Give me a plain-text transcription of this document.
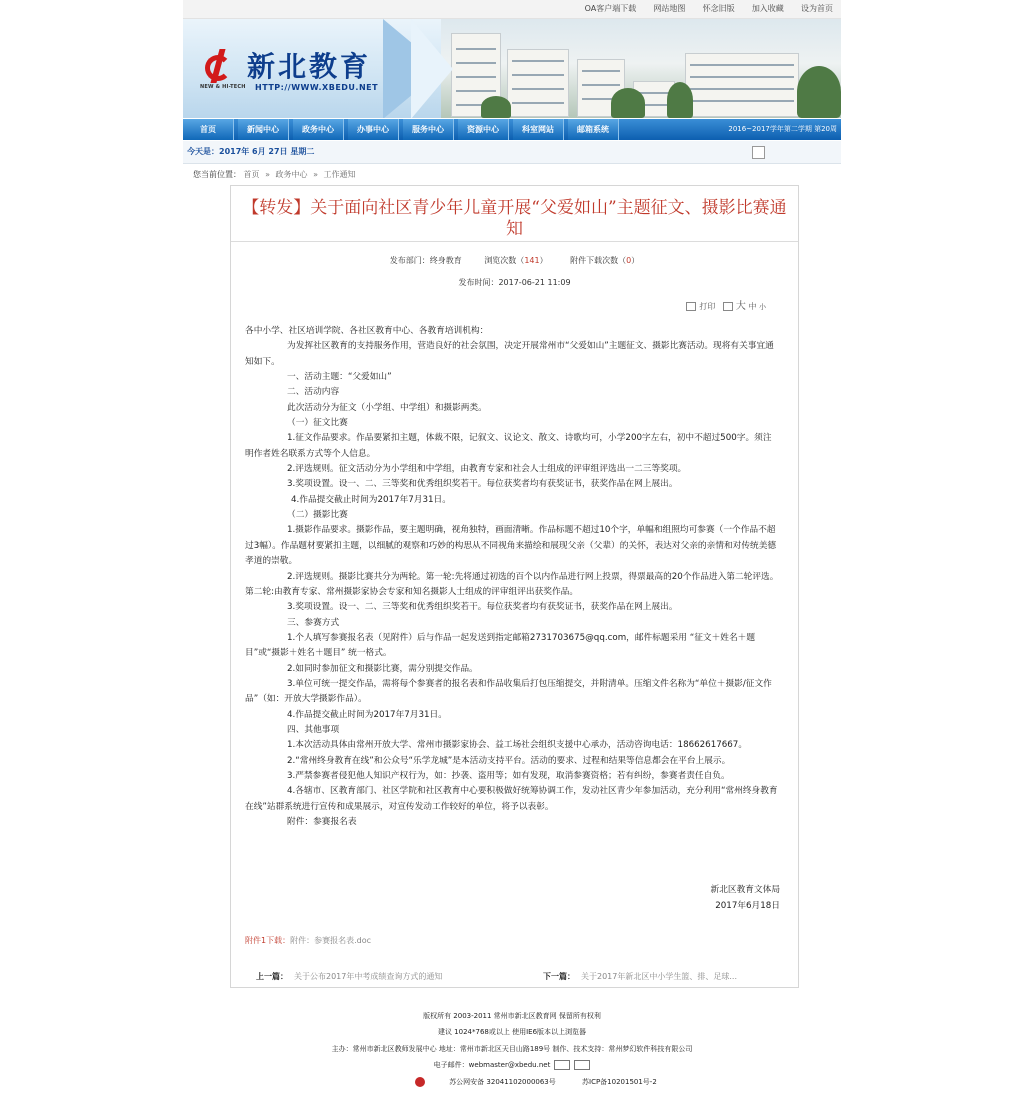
OA客户端下载 网站地图 怀念旧版 加入收藏 设为首页
NEW & HI-TECH
新北教育
HTTP://WWW.XBEDU.NET
首页	新闻中心	政务中心	办事中心	服务中心	资源中心	科室网站	邮箱系统	2016~2017学年第二学期 第20周
今天是：2017年 6月 27日 星期二
您当前位置： 首页 » 政务中心 » 工作通知
【转发】关于面向社区青少年儿童开展“父爱如山”主题征文、摄影比赛通知
发布部门：终身教育	浏览次数（141）	附件下载次数（0）
发布时间：2017-06-21 11:09
打印 大 中 小

各中小学、社区培训学院、各社区教育中心、各教育培训机构：

为发挥社区教育的支持服务作用，营造良好的社会氛围，决定开展常州市“父爱如山”主题征文、摄影比赛活动。现将有关事宜通知如下。

一、活动主题：“父爱如山”

二、活动内容

此次活动分为征文（小学组、中学组）和摄影两类。

（一）征文比赛

1.征文作品要求。作品要紧扣主题，体裁不限，记叙文、议论文、散文、诗歌均可，小学200字左右，初中不超过500字。须注明作者姓名联系方式等个人信息。

2.评选规则。征文活动分为小学组和中学组，由教育专家和社会人士组成的评审组评选出一二三等奖项。

3.奖项设置。设一、二、三等奖和优秀组织奖若干。每位获奖者均有获奖证书，获奖作品在网上展出。

4.作品提交截止时间为2017年7月31日。

（二）摄影比赛

1.摄影作品要求。摄影作品，要主题明确，视角独特，画面清晰。作品标题不超过10个字，单幅和组照均可参赛（一个作品不超过3幅）。作品题材要紧扣主题，以细腻的观察和巧妙的构思从不同视角来描绘和展现父亲（父辈）的关怀，表达对父亲的亲情和对传统美德孝道的崇敬。

2.评选规则。摄影比赛共分为两轮。第一轮:先将通过初选的百个以内作品进行网上投票，得票最高的20个作品进入第二轮评选。第二轮:由教育专家、常州摄影家协会专家和知名摄影人士组成的评审组评出获奖作品。

3.奖项设置。设一、二、三等奖和优秀组织奖若干。每位获奖者均有获奖证书，获奖作品在网上展出。

三、参赛方式

1.个人填写参赛报名表（见附件）后与作品一起发送到指定邮箱2731703675@qq.com，邮件标题采用 “征文＋姓名＋题目”或“摄影＋姓名＋题目” 统一格式。

2.如同时参加征文和摄影比赛，需分别提交作品。

3.单位可统一提交作品，需将每个参赛者的报名表和作品收集后打包压缩提交，并附清单。压缩文件名称为“单位＋摄影/征文作品”（如：开放大学摄影作品）。

4.作品提交截止时间为2017年7月31日。

四、其他事项

1.本次活动具体由常州开放大学、常州市摄影家协会、益工场社会组织支援中心承办，活动咨询电话：18662617667。

2.“常州终身教育在线”和公众号“乐学龙城”是本活动支持平台。活动的要求、过程和结果等信息都会在平台上展示。

3.严禁参赛者侵犯他人知识产权行为，如：抄袭、盗用等；如有发现，取消参赛资格；若有纠纷，参赛者责任自负。

4.各辖市、区教育部门、社区学院和社区教育中心要积极做好统筹协调工作，发动社区青少年参加活动，充分利用“常州终身教育在线”站群系统进行宣传和成果展示，对宣传发动工作较好的单位，将予以表彰。

附件：参赛报名表

新北区教育文体局
2017年6月18日
附件1下载：附件：参赛报名表.doc
上一篇： 关于公布2017年中考成绩查询方式的通知	下一篇： 关于2017年新北区中小学生篮、排、足球...
版权所有 2003-2011 常州市新北区教育网 保留所有权利
建议 1024*768或以上 使用IE6版本以上浏览器
主办：常州市新北区教师发展中心 地址：常州市新北区天目山路189号 制作、技术支持：常州梦幻软件科技有限公司
电子邮件：webmaster@xbedu.net
苏公网安备 32041102000063号	苏ICP备10201501号-2
